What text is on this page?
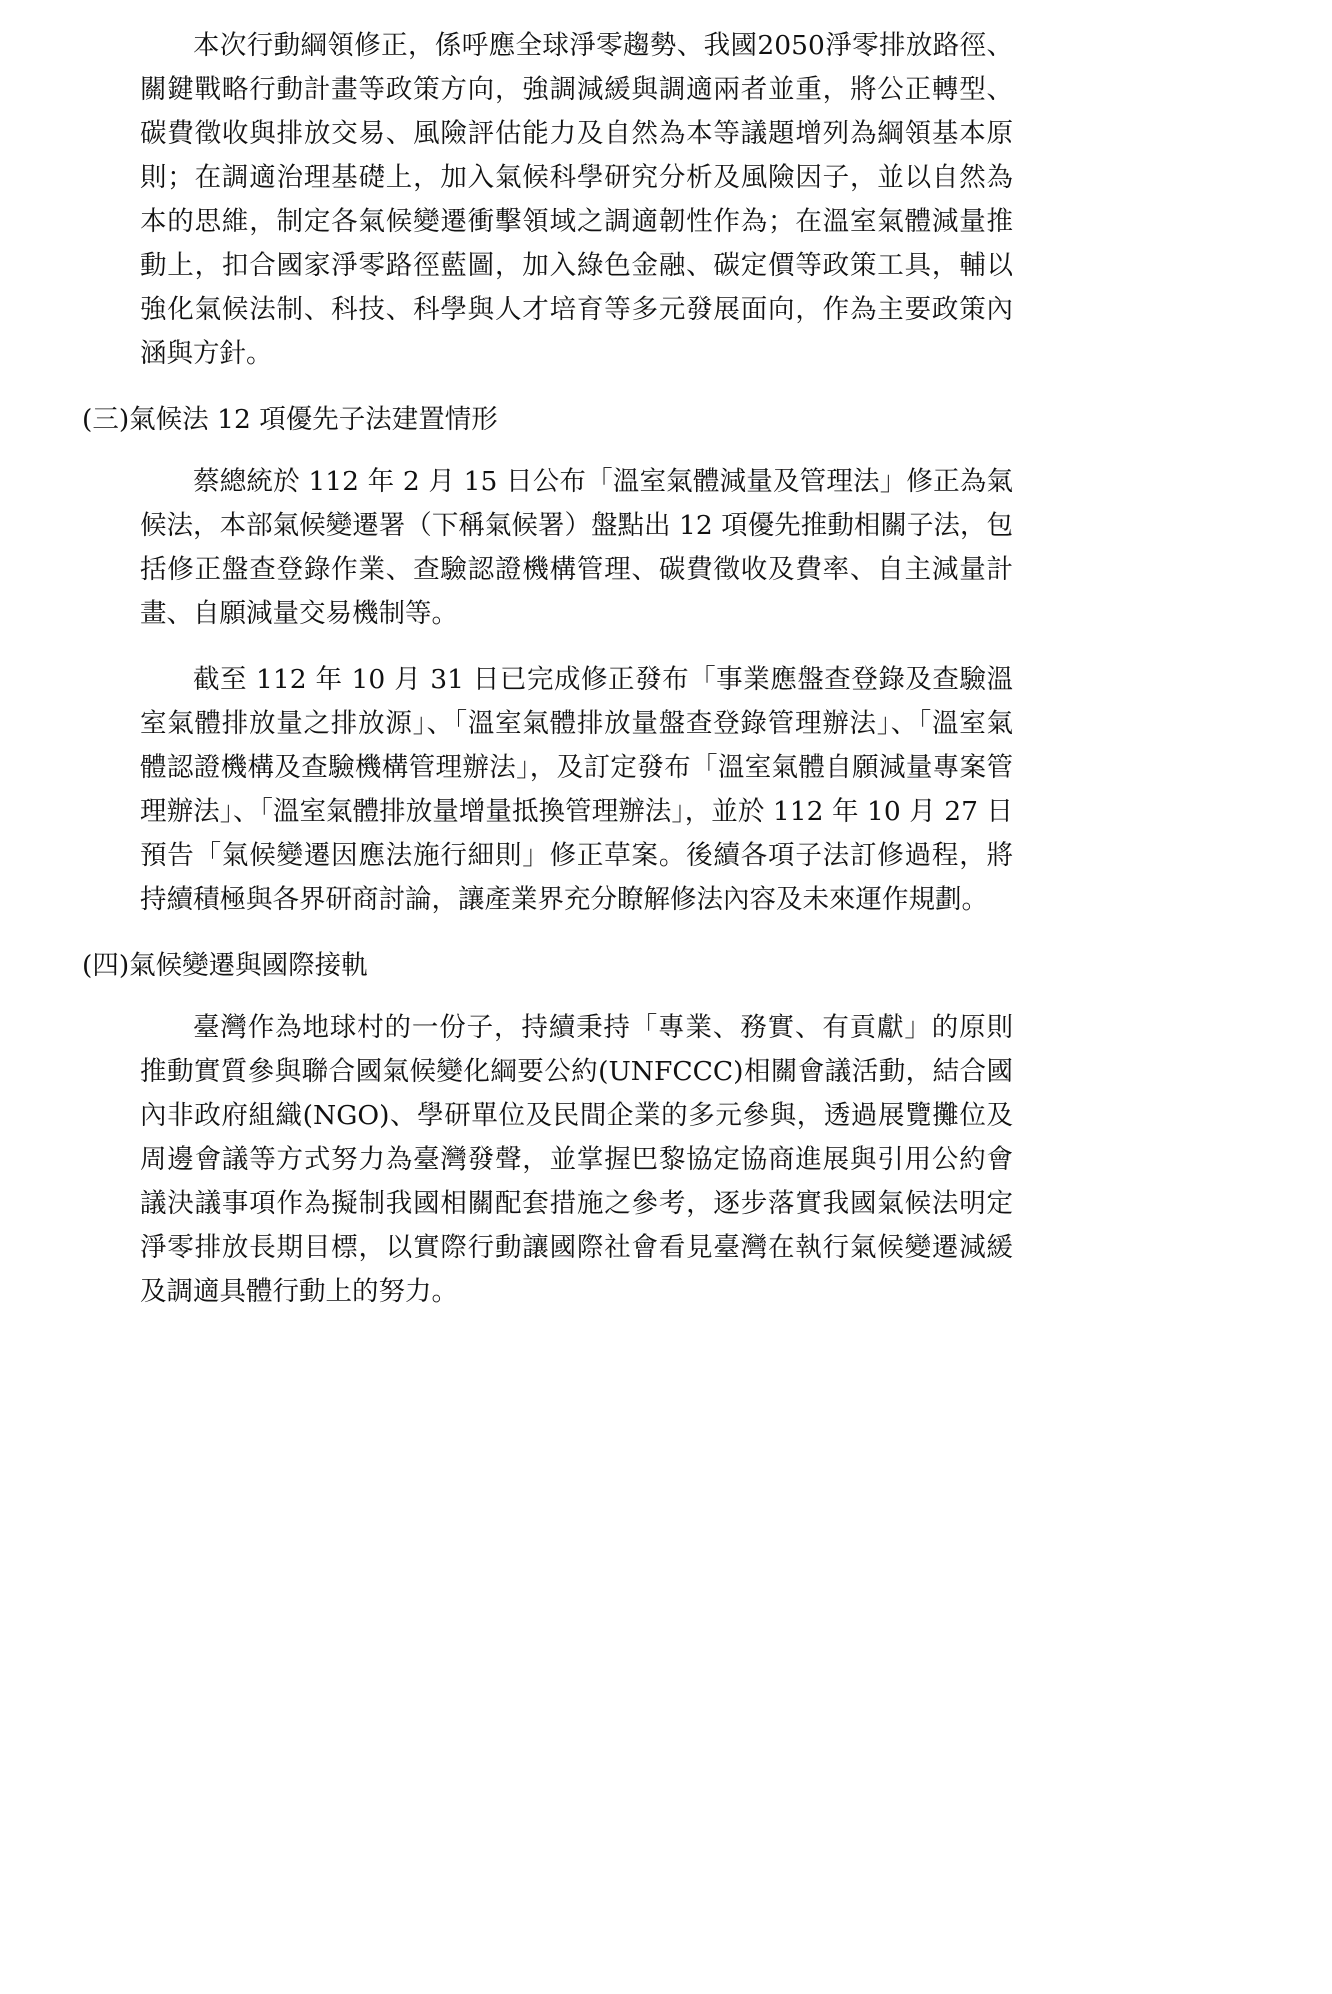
本次行動綱領修正，係呼應全球淨零趨勢、我國2050淨零排放路徑、關鍵戰略行動計畫等政策方向，強調減緩與調適兩者並重，將公正轉型、碳費徵收與排放交易、風險評估能力及自然為本等議題增列為綱領基本原則；在調適治理基礎上，加入氣候科學研究分析及風險因子，並以自然為本的思維，制定各氣候變遷衝擊領域之調適韌性作為；在溫室氣體減量推動上，扣合國家淨零路徑藍圖，加入綠色金融、碳定價等政策工具，輔以強化氣候法制、科技、科學與人才培育等多元發展面向，作為主要政策內涵與方針。

(三)氣候法 12 項優先子法建置情形

蔡總統於 112 年 2 月 15 日公布「溫室氣體減量及管理法」修正為氣候法，本部氣候變遷署（下稱氣候署）盤點出 12 項優先推動相關子法，包括修正盤查登錄作業、查驗認證機構管理、碳費徵收及費率、自主減量計畫、自願減量交易機制等。

截至 112 年 10 月 31 日已完成修正發布「事業應盤查登錄及查驗溫室氣體排放量之排放源」、「溫室氣體排放量盤查登錄管理辦法」、「溫室氣體認證機構及查驗機構管理辦法」，及訂定發布「溫室氣體自願減量專案管理辦法」、「溫室氣體排放量增量抵換管理辦法」，並於 112 年 10 月 27 日預告「氣候變遷因應法施行細則」修正草案。後續各項子法訂修過程，將持續積極與各界研商討論，讓產業界充分瞭解修法內容及未來運作規劃。

(四)氣候變遷與國際接軌

臺灣作為地球村的一份子，持續秉持「專業、務實、有貢獻」的原則推動實質參與聯合國氣候變化綱要公約(UNFCCC)相關會議活動，結合國內非政府組織(NGO)、學研單位及民間企業的多元參與，透過展覽攤位及周邊會議等方式努力為臺灣發聲，並掌握巴黎協定協商進展與引用公約會議決議事項作為擬制我國相關配套措施之參考，逐步落實我國氣候法明定淨零排放長期目標，以實際行動讓國際社會看見臺灣在執行氣候變遷減緩及調適具體行動上的努力。
